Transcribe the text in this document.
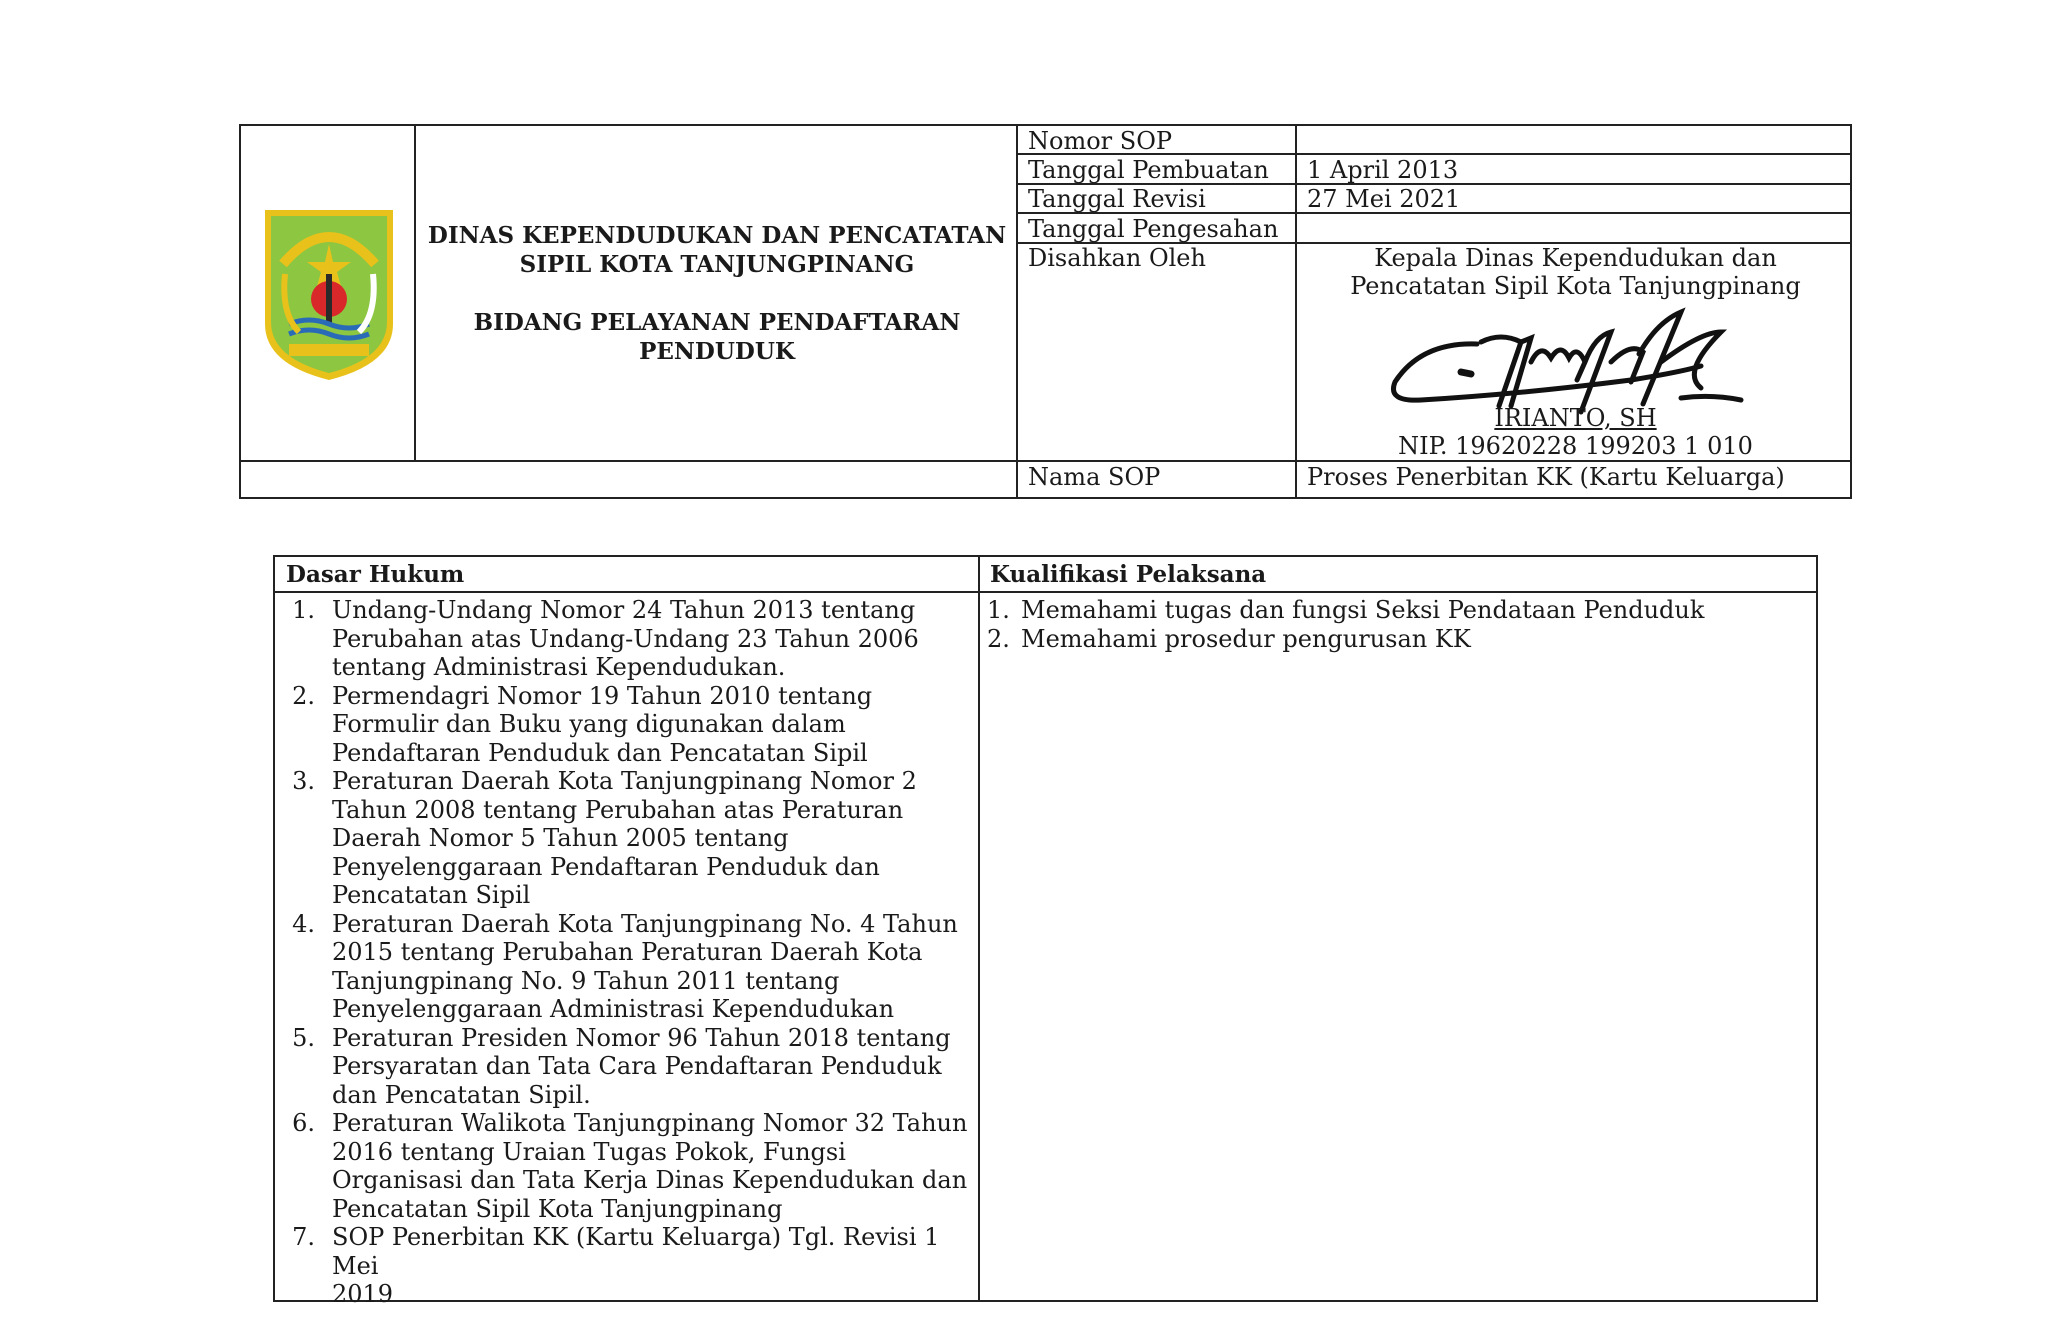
DINAS KEPENDUDUKAN DAN PENCATATAN
SIPIL KOTA TANJUNGPINANG
BIDANG PELAYANAN PENDAFTARAN
PENDUDUK
Nomor SOP
Tanggal Pembuatan 1 April 2013
Tanggal Revisi	27 Mei 2021
Tanggal Pengesahan
Disahkan Oleh	Kepala Dinas Kependudukan dan
Pencatatan Sipil Kota Tanjungpinang
IRIANTO, SH
NIP. 19620228 199203 1 010
Nama SOP	Proses Penerbitan KK (Kartu Keluarga)
Dasar Hukum	Kualifikasi Pelaksana
1. Undang-Undang Nomor 24 Tahun 2013 tentang
Perubahan atas Undang-Undang 23 Tahun 2006
tentang Administrasi Kependudukan.
2. Permendagri Nomor 19 Tahun 2010 tentang
Formulir dan Buku yang digunakan dalam
Pendaftaran Penduduk dan Pencatatan Sipil
3. Peraturan Daerah Kota Tanjungpinang Nomor 2
Tahun 2008 tentang Perubahan atas Peraturan
Daerah Nomor 5 Tahun 2005 tentang
Penyelenggaraan Pendaftaran Penduduk dan
Pencatatan Sipil
4. Peraturan Daerah Kota Tanjungpinang No. 4 Tahun
2015 tentang Perubahan Peraturan Daerah Kota
Tanjungpinang No. 9 Tahun 2011 tentang
Penyelenggaraan Administrasi Kependudukan
5. Peraturan Presiden Nomor 96 Tahun 2018 tentang
Persyaratan dan Tata Cara Pendaftaran Penduduk
dan Pencatatan Sipil.
6. Peraturan Walikota Tanjungpinang Nomor 32 Tahun
2016 tentang Uraian Tugas Pokok, Fungsi
Organisasi dan Tata Kerja Dinas Kependudukan dan
Pencatatan Sipil Kota Tanjungpinang
7. SOP Penerbitan KK (Kartu Keluarga) Tgl. Revisi 1 Mei
2019
1. Memahami tugas dan fungsi Seksi Pendataan Penduduk
2. Memahami prosedur pengurusan KK
